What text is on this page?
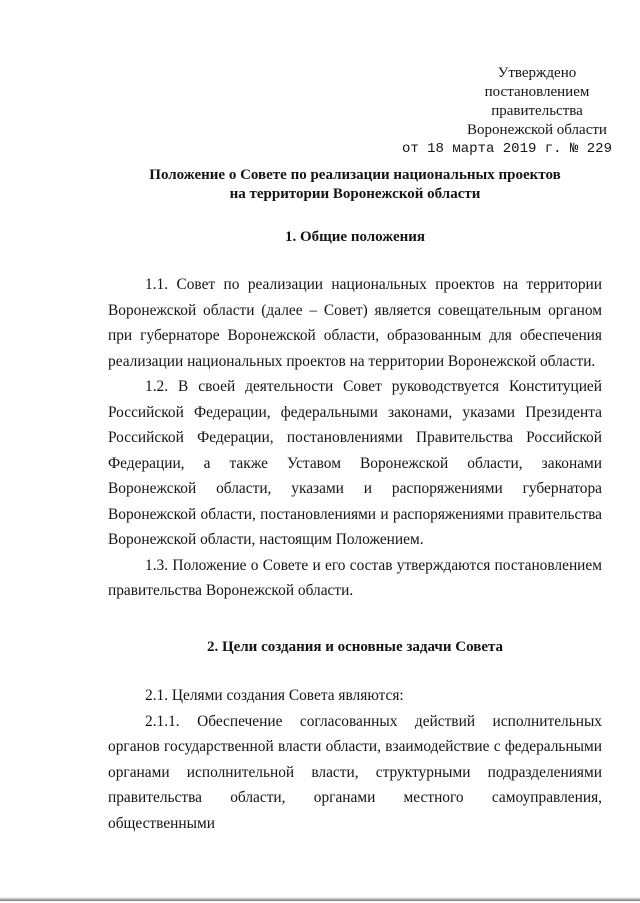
Утверждено
постановлением
правительства
Воронежской области
от 18 марта 2019 г. № 229
Положение о Совете по реализации национальных проектов
на территории Воронежской области
1. Общие положения

1.1. Совет по реализации национальных проектов на территории Воронежской области (далее – Совет) является совещательным органом при губернаторе Воронежской области, образованным для обеспечения реализации национальных проектов на территории Воронежской области.

1.2. В своей деятельности Совет руководствуется Конституцией Российской Федерации, федеральными законами, указами Президента Российской Федерации, постановлениями Правительства Российской Федерации, а также Уставом Воронежской области, законами Воронежской области, указами и распоряжениями губернатора Воронежской области, постановлениями и распоряжениями правительства Воронежской области, настоящим Положением.

1.3. Положение о Совете и его состав утверждаются постановлением правительства Воронежской области.

2. Цели создания и основные задачи Совета

2.1. Целями создания Совета являются:

2.1.1. Обеспечение согласованных действий исполнительных органов государственной власти области, взаимодействие с федеральными органами исполнительной власти, структурными подразделениями правительства области, органами местного самоуправления, общественными
